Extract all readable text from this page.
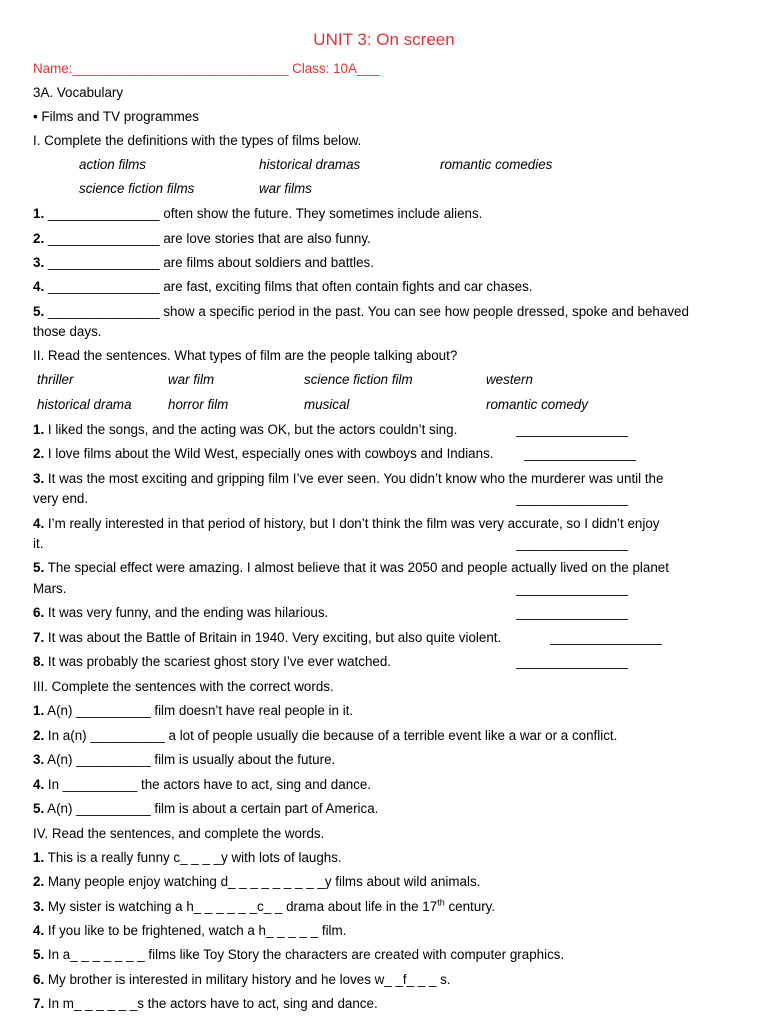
UNIT 3: On screen
Name:_____________________________ Class: 10A___
3A. Vocabulary
• Films and TV programmes
I. Complete the definitions with the types of films below.
action films	historical dramas	romantic comedies
science fiction films	war films
1. _______________ often show the future. They sometimes include aliens.
2. _______________ are love stories that are also funny.
3. _______________ are films about soldiers and battles.
4. _______________ are fast, exciting films that often contain fights and car chases.
5. _______________ show a specific period in the past. You can see how people dressed, spoke and behaved
those days.
II. Read the sentences. What types of film are the people talking about?
thriller	war film	science fiction film	western
historical drama	horror film	musical	romantic comedy
1. I liked the songs, and the acting was OK, but the actors couldn’t sing.	_______________
2. I love films about the Wild West, especially ones with cowboys and Indians. _______________
3. It was the most exciting and gripping film I’ve ever seen. You didn’t know who the murderer was until the
very end.	_______________
4. I’m really interested in that period of history, but I don’t think the film was very accurate, so I didn’t enjoy
it.	_______________
5. The special effect were amazing. I almost believe that it was 2050 and people actually lived on the planet
Mars.	_______________
6. It was very funny, and the ending was hilarious.	_______________
7. It was about the Battle of Britain in 1940. Very exciting, but also quite violent.	_______________
8. It was probably the scariest ghost story I’ve ever watched.	_______________
III. Complete the sentences with the correct words.
1. A(n) __________ film doesn’t have real people in it.
2. In a(n) __________ a lot of people usually die because of a terrible event like a war or a conflict.
3. A(n) __________ film is usually about the future.
4. In __________ the actors have to act, sing and dance.
5. A(n) __________ film is about a certain part of America.
IV. Read the sentences, and complete the words.
1. This is a really funny c_ _ _ _y with lots of laughs.
2. Many people enjoy watching d_ _ _ _ _ _ _ _ _y films about wild animals.
3. My sister is watching a h_ _ _ _ _ _c_ _ drama about life in the 17th century.
4. If you like to be frightened, watch a h_ _ _ _ _ film.
5. In a_ _ _ _ _ _ _ films like Toy Story the characters are created with computer graphics.
6. My brother is interested in military history and he loves w_ _f_ _ _ s.
7. In m_ _ _ _ _ _s the actors have to act, sing and dance.
